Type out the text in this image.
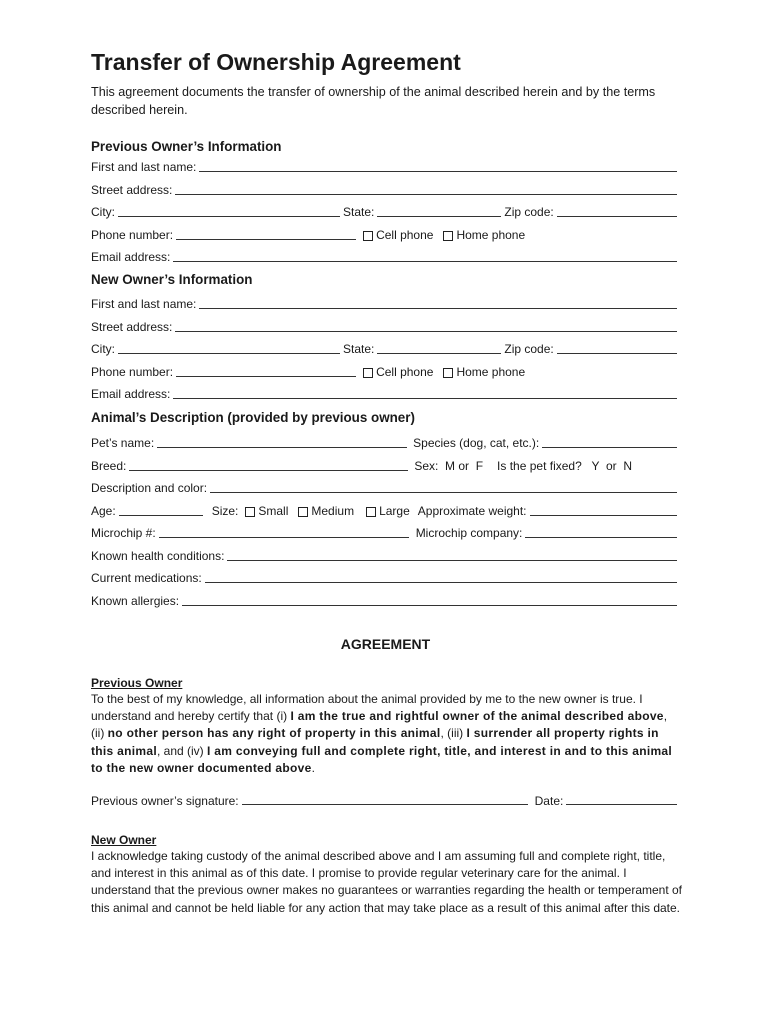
Transfer of Ownership Agreement

This agreement documents the transfer of ownership of the animal described herein and by the terms described herein.

Previous Owner’s Information
First and last name:
Street address:
City:	State:	Zip code:
Phone number:	Cell phone Home phone
Email address:
New Owner’s Information
First and last name:
Street address:
City:	State:	Zip code:
Phone number:	Cell phone Home phone
Email address:
Animal’s Description (provided by previous owner)
Pet’s name:	Species (dog, cat, etc.):
Breed:	Sex:  M or  F Is the pet fixed?   Y  or  N
Description and color:
Age:	Size: Small Medium Large Approximate weight:
Microchip #:	Microchip company:
Known health conditions:
Current medications:
Known allergies:
AGREEMENT
Previous Owner

To the best of my knowledge, all information about the animal provided by me to the new owner is true. I understand and hereby certify that (i) I am the true and rightful owner of the animal described above, (ii) no other person has any right of property in this animal, (iii) I surrender all property rights in this animal, and (iv) I am conveying full and complete right, title, and interest in and to this animal to the new owner documented above.

Previous owner’s signature:	Date:
New Owner

I acknowledge taking custody of the animal described above and I am assuming full and complete right, title, and interest in this animal as of this date. I promise to provide regular veterinary care for the animal. I understand that the previous owner makes no guarantees or warranties regarding the health or temperament of this animal and cannot be held liable for any action that may take place as a result of this animal after this date.
